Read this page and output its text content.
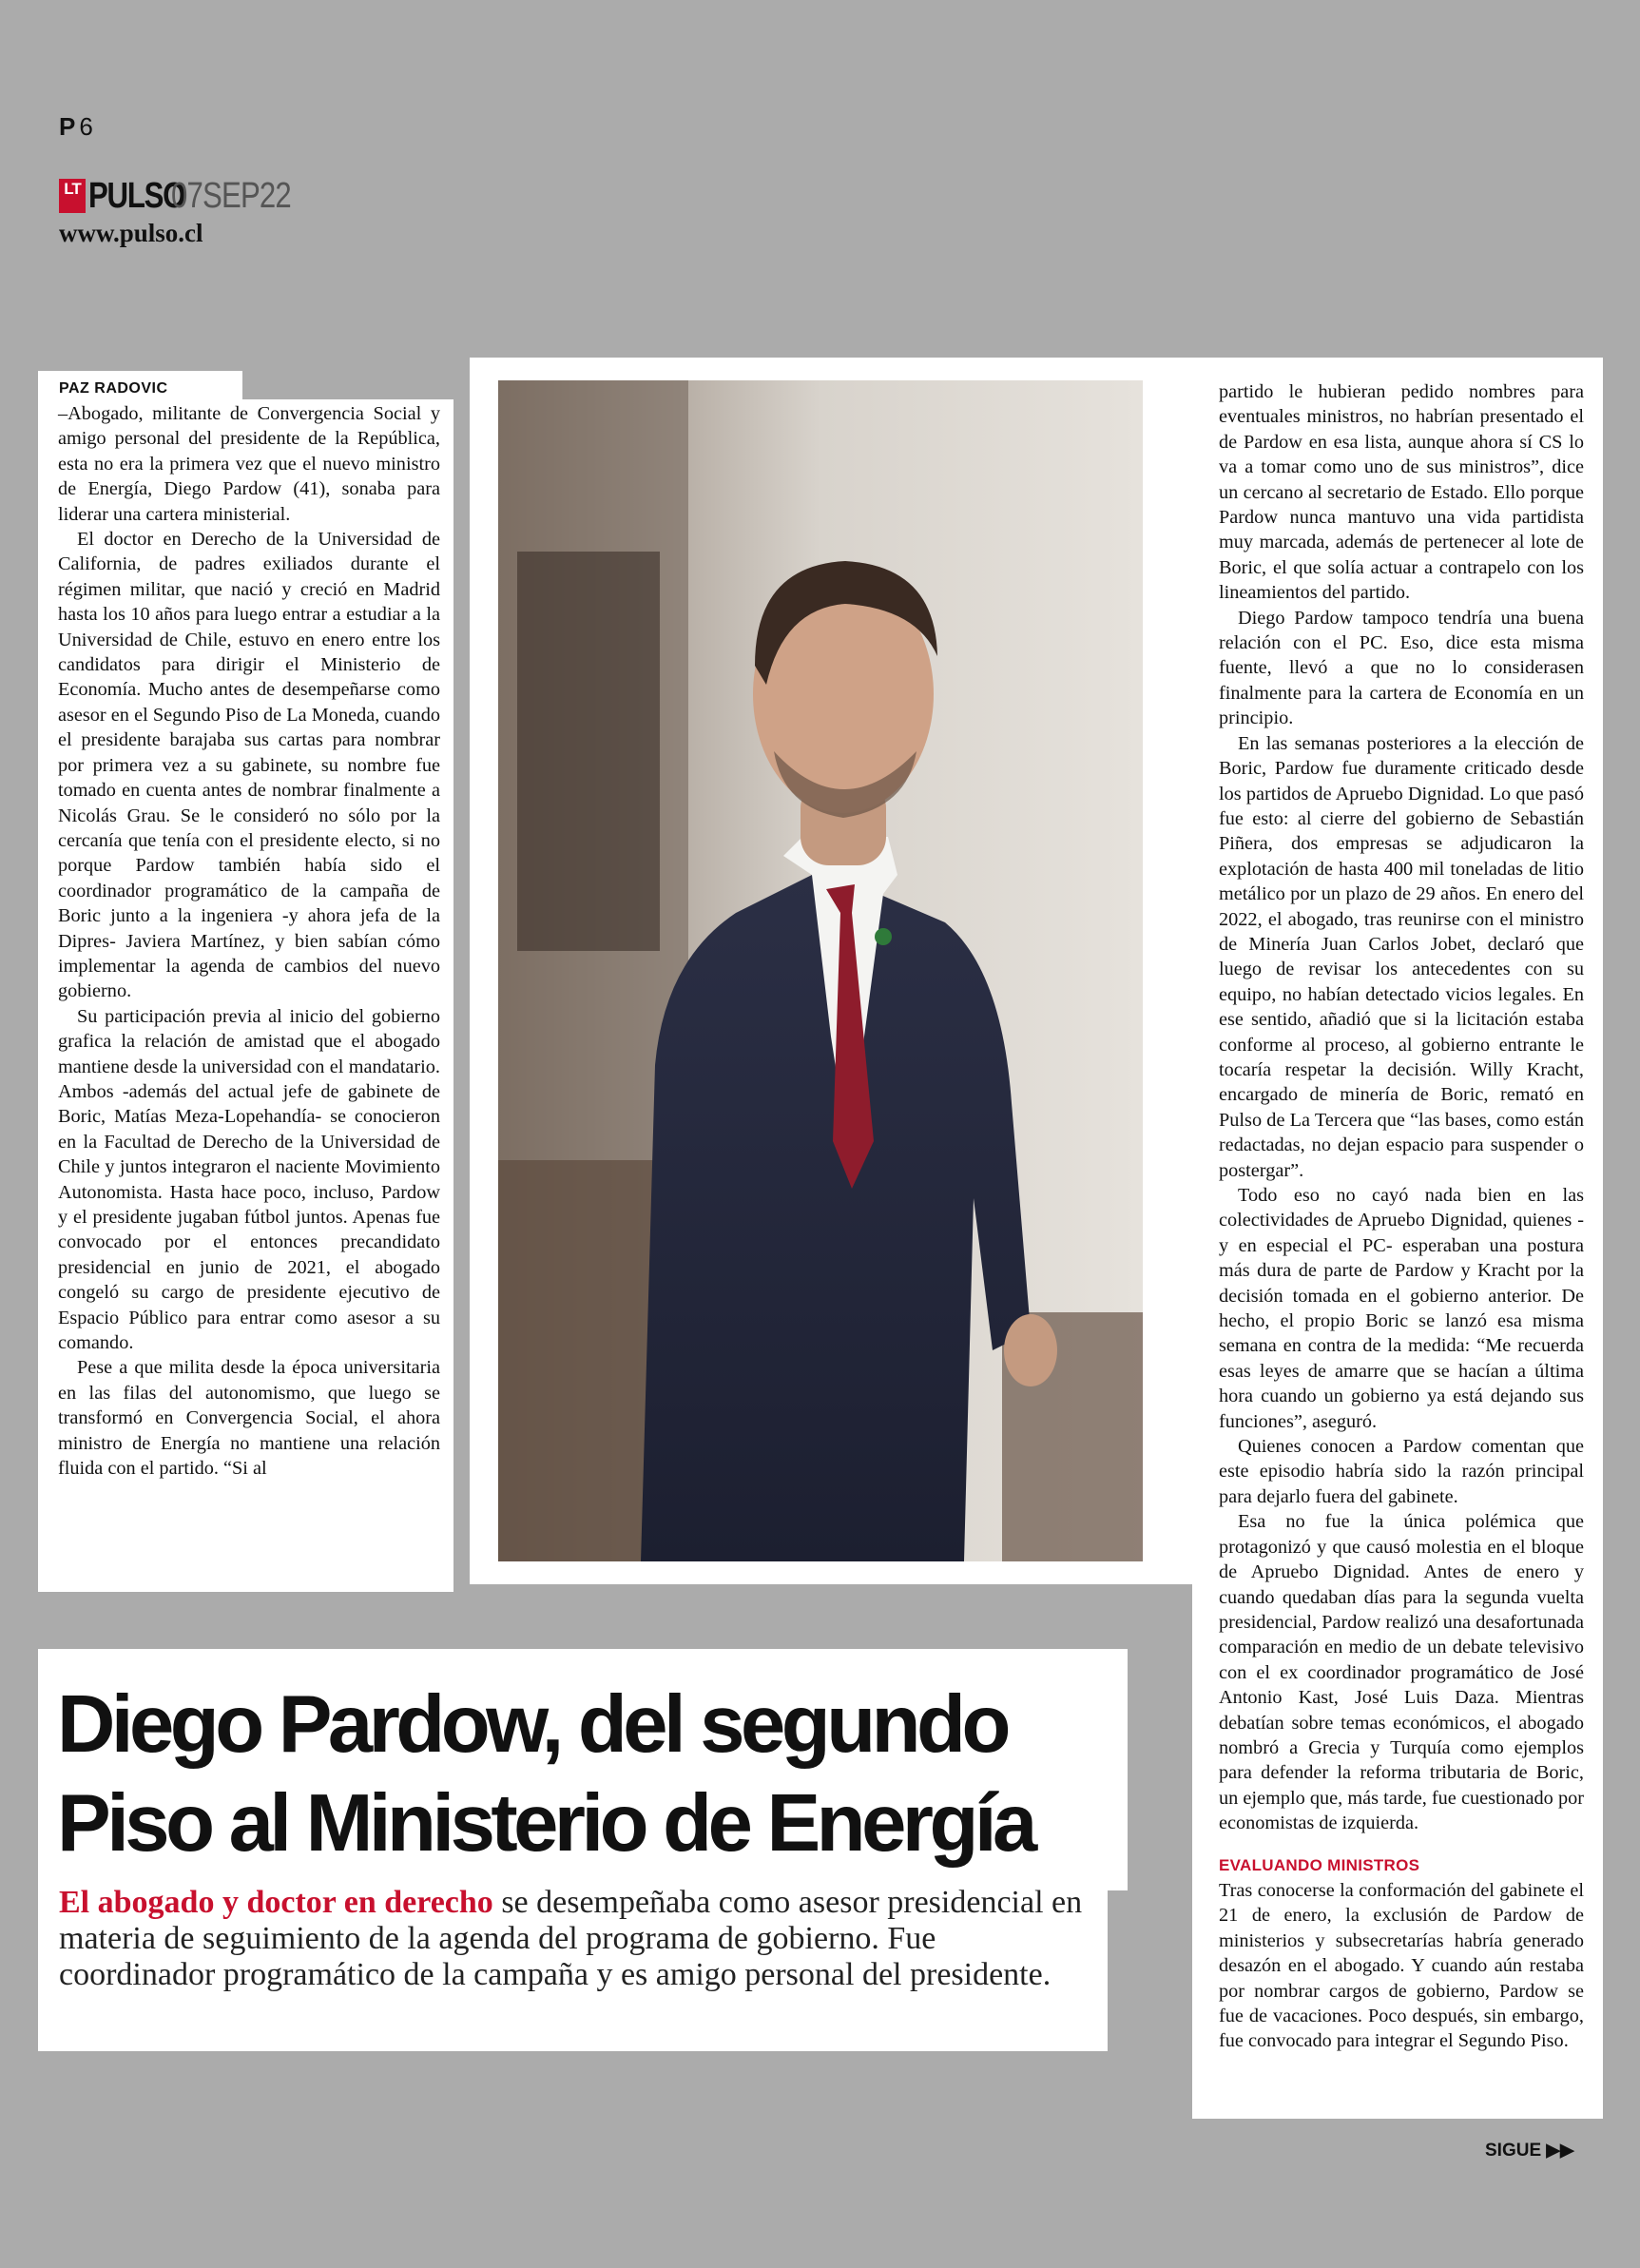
P 6
LT PULSO
07SEP22
www.pulso.cl

–Abogado, militante de Convergencia Social y amigo personal del presidente de la República, esta no era la primera vez que el nuevo ministro de Energía, Diego Pardow (41), sonaba para liderar una cartera ministerial.

El doctor en Derecho de la Universidad de California, de padres exiliados durante el régimen militar, que nació y creció en Madrid hasta los 10 años para luego entrar a estudiar a la Universidad de Chile, estuvo en enero entre los candidatos para dirigir el Ministerio de Economía. Mucho antes de desempeñarse como asesor en el Segundo Piso de La Moneda, cuando el presidente barajaba sus cartas para nombrar por primera vez a su gabinete, su nombre fue tomado en cuenta antes de nombrar finalmente a Nicolás Grau. Se le consideró no sólo por la cercanía que tenía con el presidente electo, si no porque Pardow también había sido el coordinador programático de la campaña de Boric junto a la ingeniera -y ahora jefa de la Dipres- Javiera Martínez, y bien sabían cómo implementar la agenda de cambios del nuevo gobierno.

Su participación previa al inicio del gobierno grafica la relación de amistad que el abogado mantiene desde la universidad con el mandatario. Ambos -además del actual jefe de gabinete de Boric, Matías Meza-Lopehandía- se conocieron en la Facultad de Derecho de la Universidad de Chile y juntos integraron el naciente Movimiento Autonomista. Hasta hace poco, incluso, Pardow y el presidente jugaban fútbol juntos. Apenas fue convocado por el entonces precandidato presidencial en junio de 2021, el abogado congeló su cargo de presidente ejecutivo de Espacio Público para entrar como asesor a su comando.

Pese a que milita desde la época universitaria en las filas del autonomismo, que luego se transformó en Convergencia Social, el ahora ministro de Energía no mantiene una relación fluida con el partido. “Si al

PAZ RADOVIC	partido le hubieran pedido nombres para eventuales ministros, no habrían presentado el de Pardow en esa lista, aunque ahora sí CS lo va a tomar como uno de sus ministros”, dice un cercano al secretario de Estado. Ello porque Pardow nunca mantuvo una vida partidista muy marcada, además de pertenecer al lote de Boric, el que solía actuar a contrapelo con los lineamientos del partido.

Diego Pardow tampoco tendría una buena relación con el PC. Eso, dice esta misma fuente, llevó a que no lo considerasen finalmente para la cartera de Economía en un principio.

En las semanas posteriores a la elección de Boric, Pardow fue duramente criticado desde los partidos de Apruebo Dignidad. Lo que pasó fue esto: al cierre del gobierno de Sebastián Piñera, dos empresas se adjudicaron la explotación de hasta 400 mil toneladas de litio metálico por un plazo de 29 años. En enero del 2022, el abogado, tras reunirse con el ministro de Minería Juan Carlos Jobet, declaró que luego de revisar los antecedentes con su equipo, no habían detectado vicios legales. En ese sentido, añadió que si la licitación estaba conforme al proceso, al gobierno entrante le tocaría respetar la decisión. Willy Kracht, encargado de minería de Boric, remató en Pulso de La Tercera que “las bases, como están redactadas, no dejan espacio para suspender o postergar”.

Todo eso no cayó nada bien en las colectividades de Apruebo Dignidad, quienes -y en especial el PC- esperaban una postura más dura de parte de Pardow y Kracht por la decisión tomada en el gobierno anterior. De hecho, el propio Boric se lanzó esa misma semana en contra de la medida: “Me recuerda esas leyes de amarre que se hacían a última hora cuando un gobierno ya está dejando sus funciones”, aseguró.

Quienes conocen a Pardow comentan que este episodio habría sido la razón principal para dejarlo fuera del gabinete.

Esa no fue la única polémica que protagonizó y que causó molestia en el bloque de Apruebo Dignidad. Antes de enero y cuando quedaban días para la segunda vuelta presidencial, Pardow realizó una desafortunada comparación en medio de un debate televisivo con el ex coordinador programático de José Antonio Kast, José Luis Daza. Mientras debatían sobre temas económicos, el abogado nombró a Grecia y Turquía como ejemplos para defender la reforma tributaria de Boric, un ejemplo que, más tarde, fue cuestionado por economistas de izquierda.

EVALUANDO MINISTROS

Tras conocerse la conformación del gabinete el 21 de enero, la exclusión de Pardow de ministerios y subsecretarías habría generado desazón en el abogado. Y cuando aún restaba por nombrar cargos de gobierno, Pardow se fue de vacaciones. Poco después, sin embargo, fue convocado para integrar el Segundo Piso.

Diego Pardow, del segundo
Piso al Ministerio de Energía

El abogado y doctor en derecho se desempeñaba como asesor presidencial en materia de seguimiento de la agenda del programa de gobierno. Fue coordinador programático de la campaña y es amigo personal del presidente.

SIGUE ▶▶
